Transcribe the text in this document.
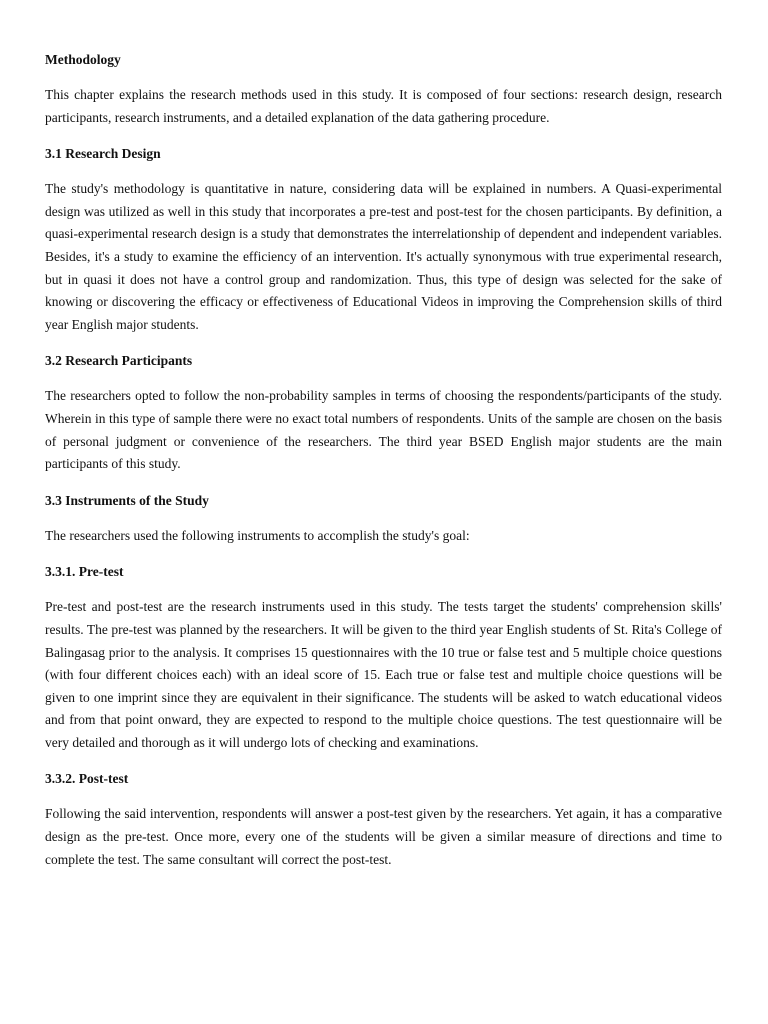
Methodology

This chapter explains the research methods used in this study. It is composed of four sections: research design, research participants, research instruments, and a detailed explanation of the data gathering procedure.

3.1 Research Design

The study's methodology is quantitative in nature, considering data will be explained in numbers. A Quasi-experimental design was utilized as well in this study that incorporates a pre-test and post-test for the chosen participants. By definition, a quasi-experimental research design is a study that demonstrates the interrelationship of dependent and independent variables. Besides, it's a study to examine the efficiency of an intervention. It's actually synonymous with true experimental research, but in quasi it does not have a control group and randomization. Thus, this type of design was selected for the sake of knowing or discovering the efficacy or effectiveness of Educational Videos in improving the Comprehension skills of third year English major students.

3.2 Research Participants

The researchers opted to follow the non-probability samples in terms of choosing the respondents/participants of the study. Wherein in this type of sample there were no exact total numbers of respondents. Units of the sample are chosen on the basis of personal judgment or convenience of the researchers. The third year BSED English major students are the main participants of this study.

3.3 Instruments of the Study

The researchers used the following instruments to accomplish the study's goal:

3.3.1. Pre-test

Pre-test and post-test are the research instruments used in this study. The tests target the students' comprehension skills' results. The pre-test was planned by the researchers. It will be given to the third year English students of St. Rita's College of Balingasag prior to the analysis. It comprises 15 questionnaires with the 10 true or false test and 5 multiple choice questions (with four different choices each) with an ideal score of 15. Each true or false test and multiple choice questions will be given to one imprint since they are equivalent in their significance. The students will be asked to watch educational videos and from that point onward, they are expected to respond to the multiple choice questions. The test questionnaire will be very detailed and thorough as it will undergo lots of checking and examinations.

3.3.2. Post-test

Following the said intervention, respondents will answer a post-test given by the researchers. Yet again, it has a comparative design as the pre-test. Once more, every one of the students will be given a similar measure of directions and time to complete the test. The same consultant will correct the post-test.
